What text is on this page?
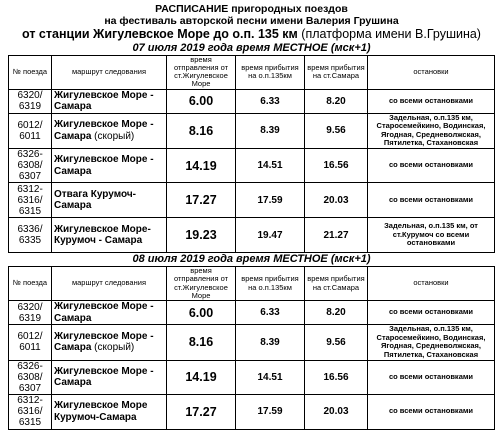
РАСПИСАНИЕ пригородных поездов
на фестиваль авторской песни имени Валерия Грушина
от станции Жигулевское Море до о.п. 135 км (платформа имени В.Грушина)
07 июля 2019 года время МЕСТНОЕ (мск+1)
№ поезда	маршрут следования	время отправления от ст.Жигулевское Море	время прибытия на о.п.135км	время прибытия на ст.Самара	остановки
6320/ 6319	Жигулевское Море - Самара	6.00	6.33	8.20	со всеми остановками
6012/ 6011	Жигулевское Море - Самара (скорый)	8.16	8.39	9.56	Задельная, о.п.135 км, Старосемейкино, Водинская, Ягодная, Средневолжская, Пятилетка, Стахановская
6326-6308/ 6307	Жигулевское Море - Самара	14.19	14.51	16.56	со всеми остановками
6312-6316/ 6315	Отвага Курумоч-Самара	17.27	17.59	20.03	со всеми остановками
6336/ 6335	Жигулевское Море-Курумоч - Самара	19.23	19.47	21.27	Задельная, о.п.135 км, от ст.Курумоч со всеми остановками
08 июля 2019 года время МЕСТНОЕ (мск+1)
№ поезда	маршрут следования	время отправления от ст.Жигулевское Море	время прибытия на о.п.135км	время прибытия на ст.Самара	остановки
6320/ 6319	Жигулевское Море - Самара	6.00	6.33	8.20	со всеми остановками
6012/ 6011	Жигулевское Море - Самара (скорый)	8.16	8.39	9.56	Задельная, о.п.135 км, Старосемейкино, Водинская, Ягодная, Средневолжская, Пятилетка, Стахановская
6326-6308/ 6307	Жигулевское Море - Самара	14.19	14.51	16.56	со всеми остановками
6312-6316/ 6315	Жигулевское Море Курумоч-Самара	17.27	17.59	20.03	со всеми остановками
